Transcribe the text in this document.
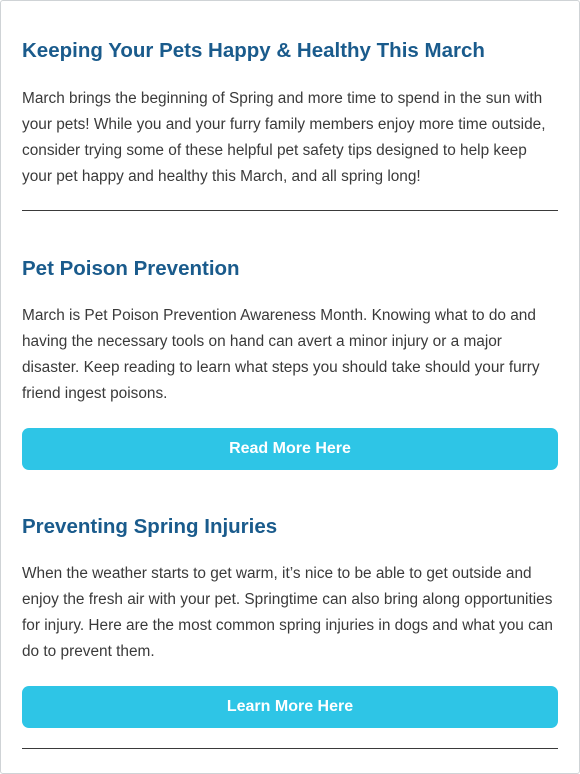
Keeping Your Pets Happy & Healthy This March

March brings the beginning of Spring and more time to spend in the sun with your pets! While you and your furry family members enjoy more time outside, consider trying some of these helpful pet safety tips designed to help keep your pet happy and healthy this March, and all spring long!

Pet Poison Prevention

March is Pet Poison Prevention Awareness Month. Knowing what to do and having the necessary tools on hand can avert a minor injury or a major disaster. Keep reading to learn what steps you should take should your furry friend ingest poisons.

Read More Here
Preventing Spring Injuries

When the weather starts to get warm, it’s nice to be able to get outside and enjoy the fresh air with your pet. Springtime can also bring along opportunities for injury. Here are the most common spring injuries in dogs and what you can do to prevent them.

Learn More Here
